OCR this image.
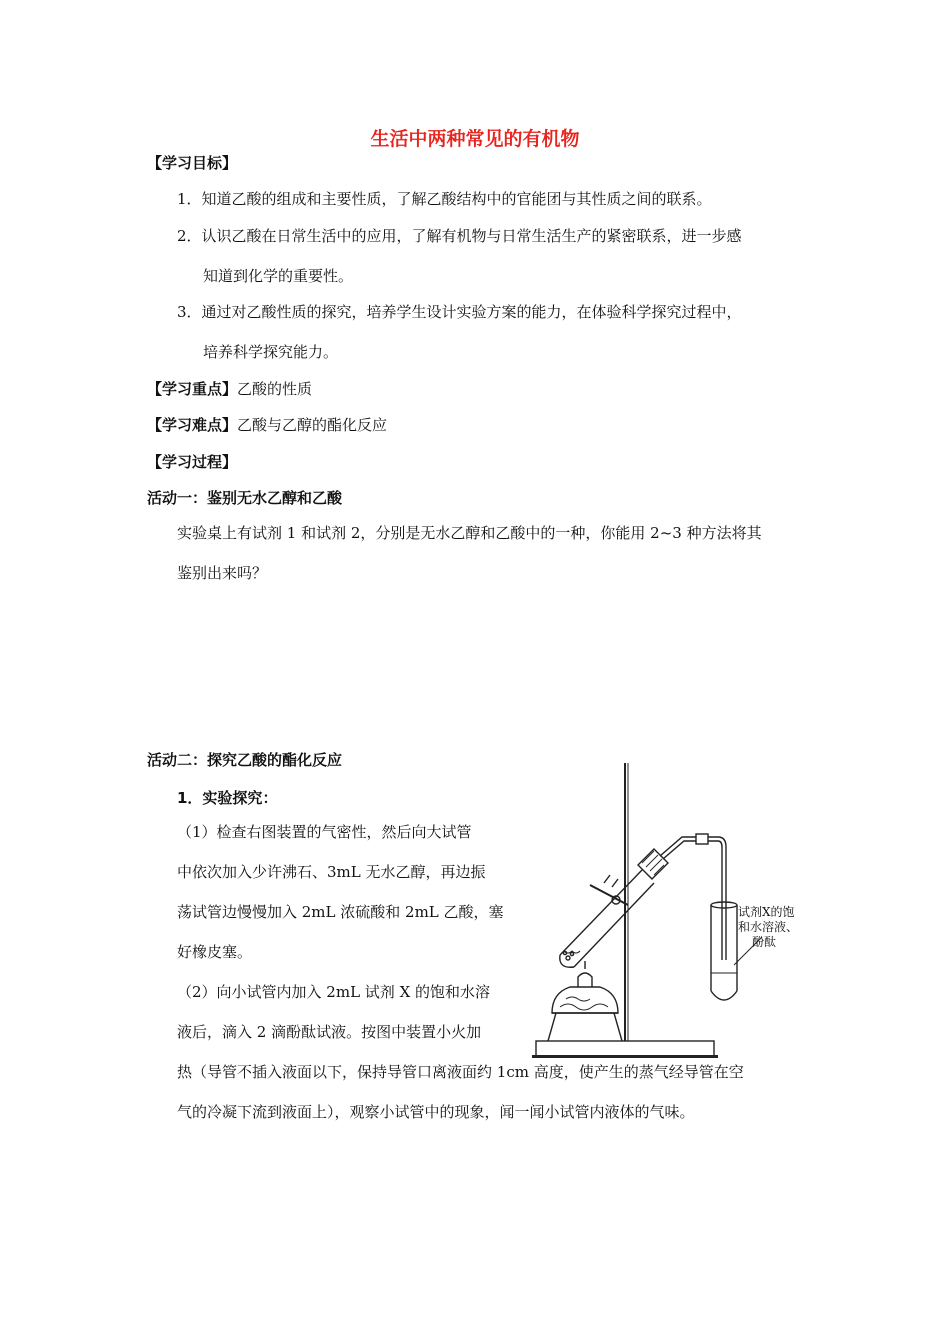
生活中两种常见的有机物
【学习目标】
1．知道乙酸的组成和主要性质，了解乙酸结构中的官能团与其性质之间的联系。
2．认识乙酸在日常生活中的应用，了解有机物与日常生活生产的紧密联系，进一步感
知道到化学的重要性。
3．通过对乙酸性质的探究，培养学生设计实验方案的能力，在体验科学探究过程中，
培养科学探究能力。
【学习重点】乙酸的性质
【学习难点】乙酸与乙醇的酯化反应
【学习过程】
活动一：鉴别无水乙醇和乙酸
实验桌上有试剂 1 和试剂 2，分别是无水乙醇和乙酸中的一种，你能用 2~3 种方法将其
鉴别出来吗？
活动二：探究乙酸的酯化反应
1．实验探究：
（1）检查右图装置的气密性，然后向大试管
中依次加入少许沸石、3mL 无水乙醇，再边振
荡试管边慢慢加入 2mL 浓硫酸和 2mL 乙酸，塞
好橡皮塞。
（2）向小试管内加入 2mL 试剂 X 的饱和水溶
液后，滴入 2 滴酚酞试液。按图中装置小火加
热（导管不插入液面以下，保持导管口离液面约 1cm 高度，使产生的蒸气经导管在空
气的冷凝下流到液面上），观察小试管中的现象，闻一闻小试管内液体的气味。
试剂X的饱
和水溶液、
酚酞
